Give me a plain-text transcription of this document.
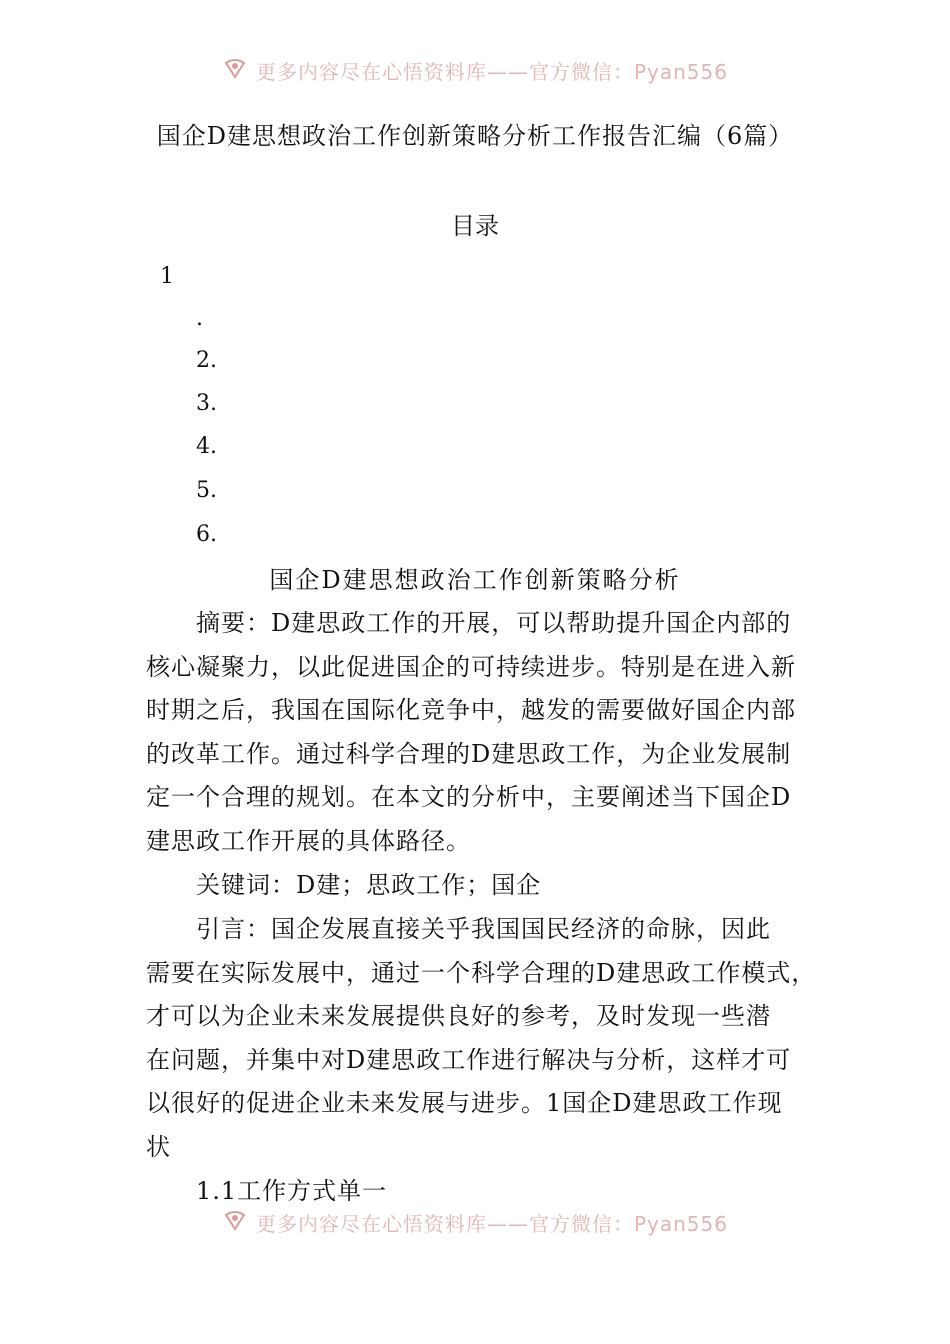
更多内容尽在心悟资料库——官方微信：Pyan556
国企D建思想政治工作创新策略分析工作报告汇编（6篇）
目录
1
.
2.
3.
4.
5.
6.
国企D建思想政治工作创新策略分析
摘要：D建思政工作的开展，可以帮助提升国企内部的
核心凝聚力，以此促进国企的可持续进步。特别是在进入新
时期之后，我国在国际化竞争中，越发的需要做好国企内部
的改革工作。通过科学合理的D建思政工作，为企业发展制
定一个合理的规划。在本文的分析中，主要阐述当下国企D
建思政工作开展的具体路径。
关键词：D建；思政工作；国企
引言：国企发展直接关乎我国国民经济的命脉，因此
需要在实际发展中，通过一个科学合理的D建思政工作模式，
才可以为企业未来发展提供良好的参考，及时发现一些潜
在问题，并集中对D建思政工作进行解决与分析，这样才可
以很好的促进企业未来发展与进步。1国企D建思政工作现
状
1.1工作方式单一
更多内容尽在心悟资料库——官方微信：Pyan556
